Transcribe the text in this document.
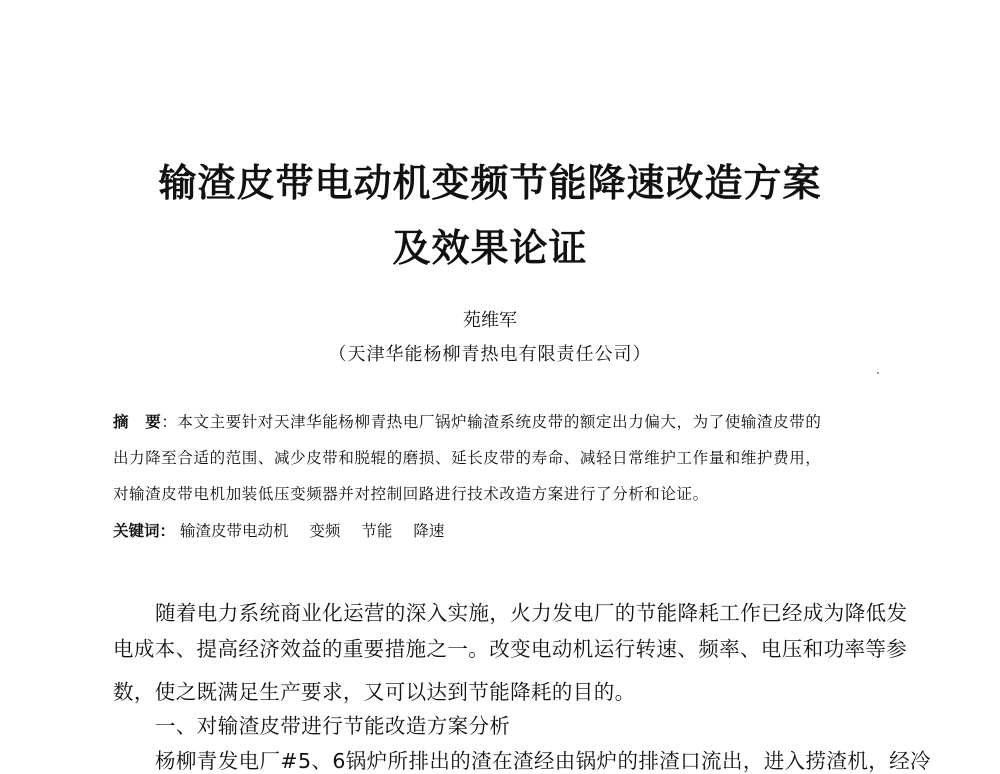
输渣皮带电动机变频节能降速改造方案
及效果论证
苑维军
（天津华能杨柳青热电有限责任公司）
摘　要：本文主要针对天津华能杨柳青热电厂锅炉输渣系统皮带的额定出力偏大，为了使输渣皮带的
出力降至合适的范围、减少皮带和脱辊的磨损、延长皮带的寿命、减轻日常维护工作量和维护费用，
对输渣皮带电机加装低压变频器并对控制回路进行技术改造方案进行了分析和论证。
关键词： 输渣皮带电动机 变频 节能 降速
随着电力系统商业化运营的深入实施，火力发电厂的节能降耗工作已经成为降低发
电成本、提高经济效益的重要措施之一。改变电动机运行转速、频率、电压和功率等参
数，使之既满足生产要求，又可以达到节能降耗的目的。
一、对输渣皮带进行节能改造方案分析
杨柳青发电厂#5、6锅炉所排出的渣在渣经由锅炉的排渣口流出，进入捞渣机，经冷
